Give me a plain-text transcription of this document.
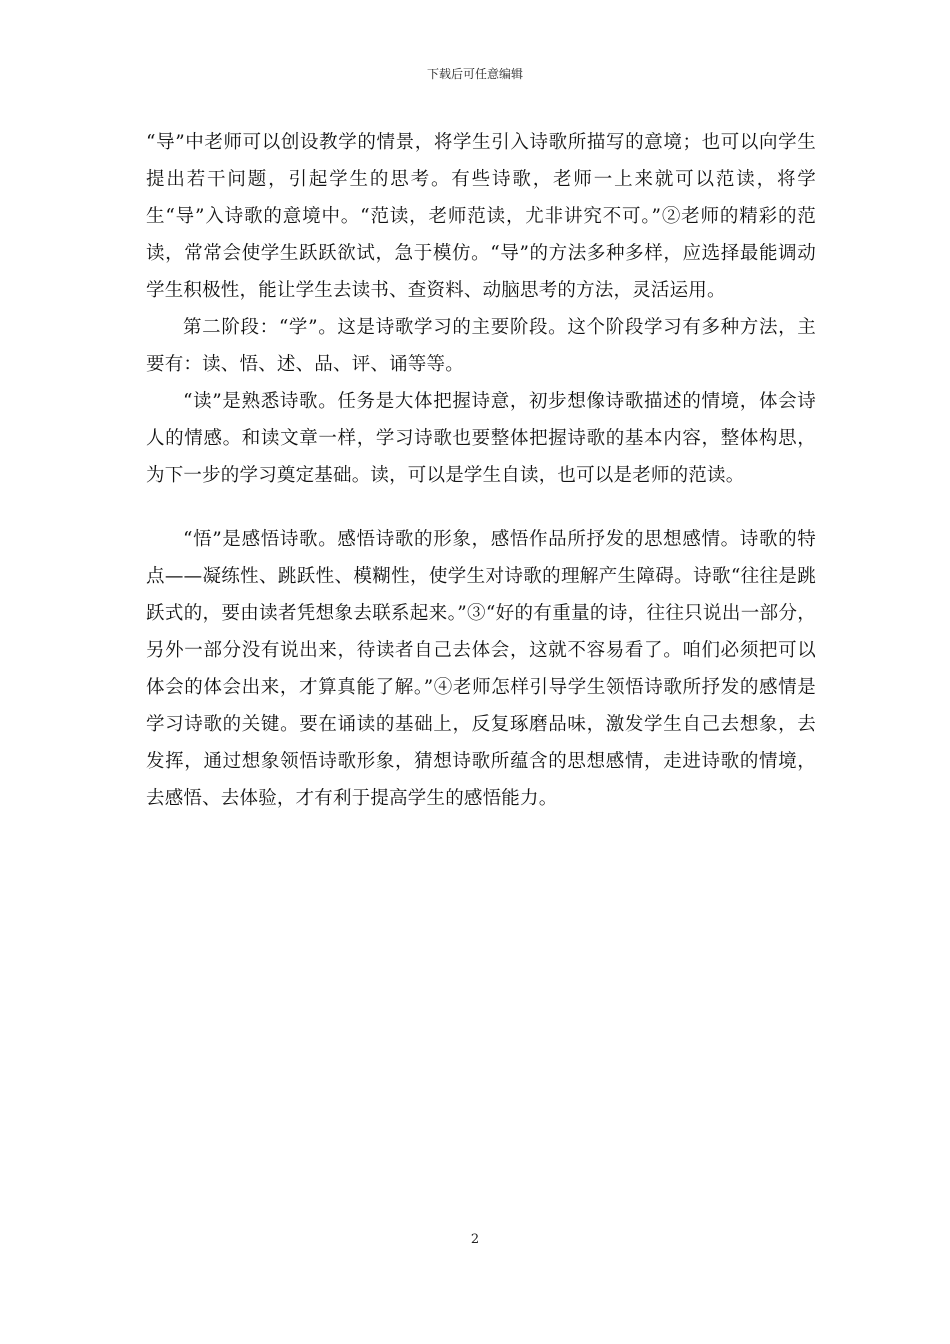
下载后可任意编辑

“导”中老师可以创设教学的情景，将学生引入诗歌所描写的意境；也可以向学生提出若干问题，引起学生的思考。有些诗歌，老师一上来就可以范读，将学生“导”入诗歌的意境中。“范读，老师范读，尤非讲究不可。”②老师的精彩的范读，常常会使学生跃跃欲试，急于模仿。“导”的方法多种多样，应选择最能调动学生积极性，能让学生去读书、查资料、动脑思考的方法，灵活运用。

第二阶段：“学”。这是诗歌学习的主要阶段。这个阶段学习有多种方法，主要有：读、悟、述、品、评、诵等等。

“读”是熟悉诗歌。任务是大体把握诗意，初步想像诗歌描述的情境，体会诗人的情感。和读文章一样，学习诗歌也要整体把握诗歌的基本内容，整体构思，为下一步的学习奠定基础。读，可以是学生自读，也可以是老师的范读。

“悟”是感悟诗歌。感悟诗歌的形象，感悟作品所抒发的思想感情。诗歌的特点——凝练性、跳跃性、模糊性，使学生对诗歌的理解产生障碍。诗歌“往往是跳跃式的，要由读者凭想象去联系起来。”③“好的有重量的诗，往往只说出一部分，另外一部分没有说出来，待读者自己去体会，这就不容易看了。咱们必须把可以体会的体会出来，才算真能了解。”④老师怎样引导学生领悟诗歌所抒发的感情是学习诗歌的关键。要在诵读的基础上，反复琢磨品味，激发学生自己去想象，去发挥，通过想象领悟诗歌形象，猜想诗歌所蕴含的思想感情，走进诗歌的情境，去感悟、去体验，才有利于提高学生的感悟能力。

2
